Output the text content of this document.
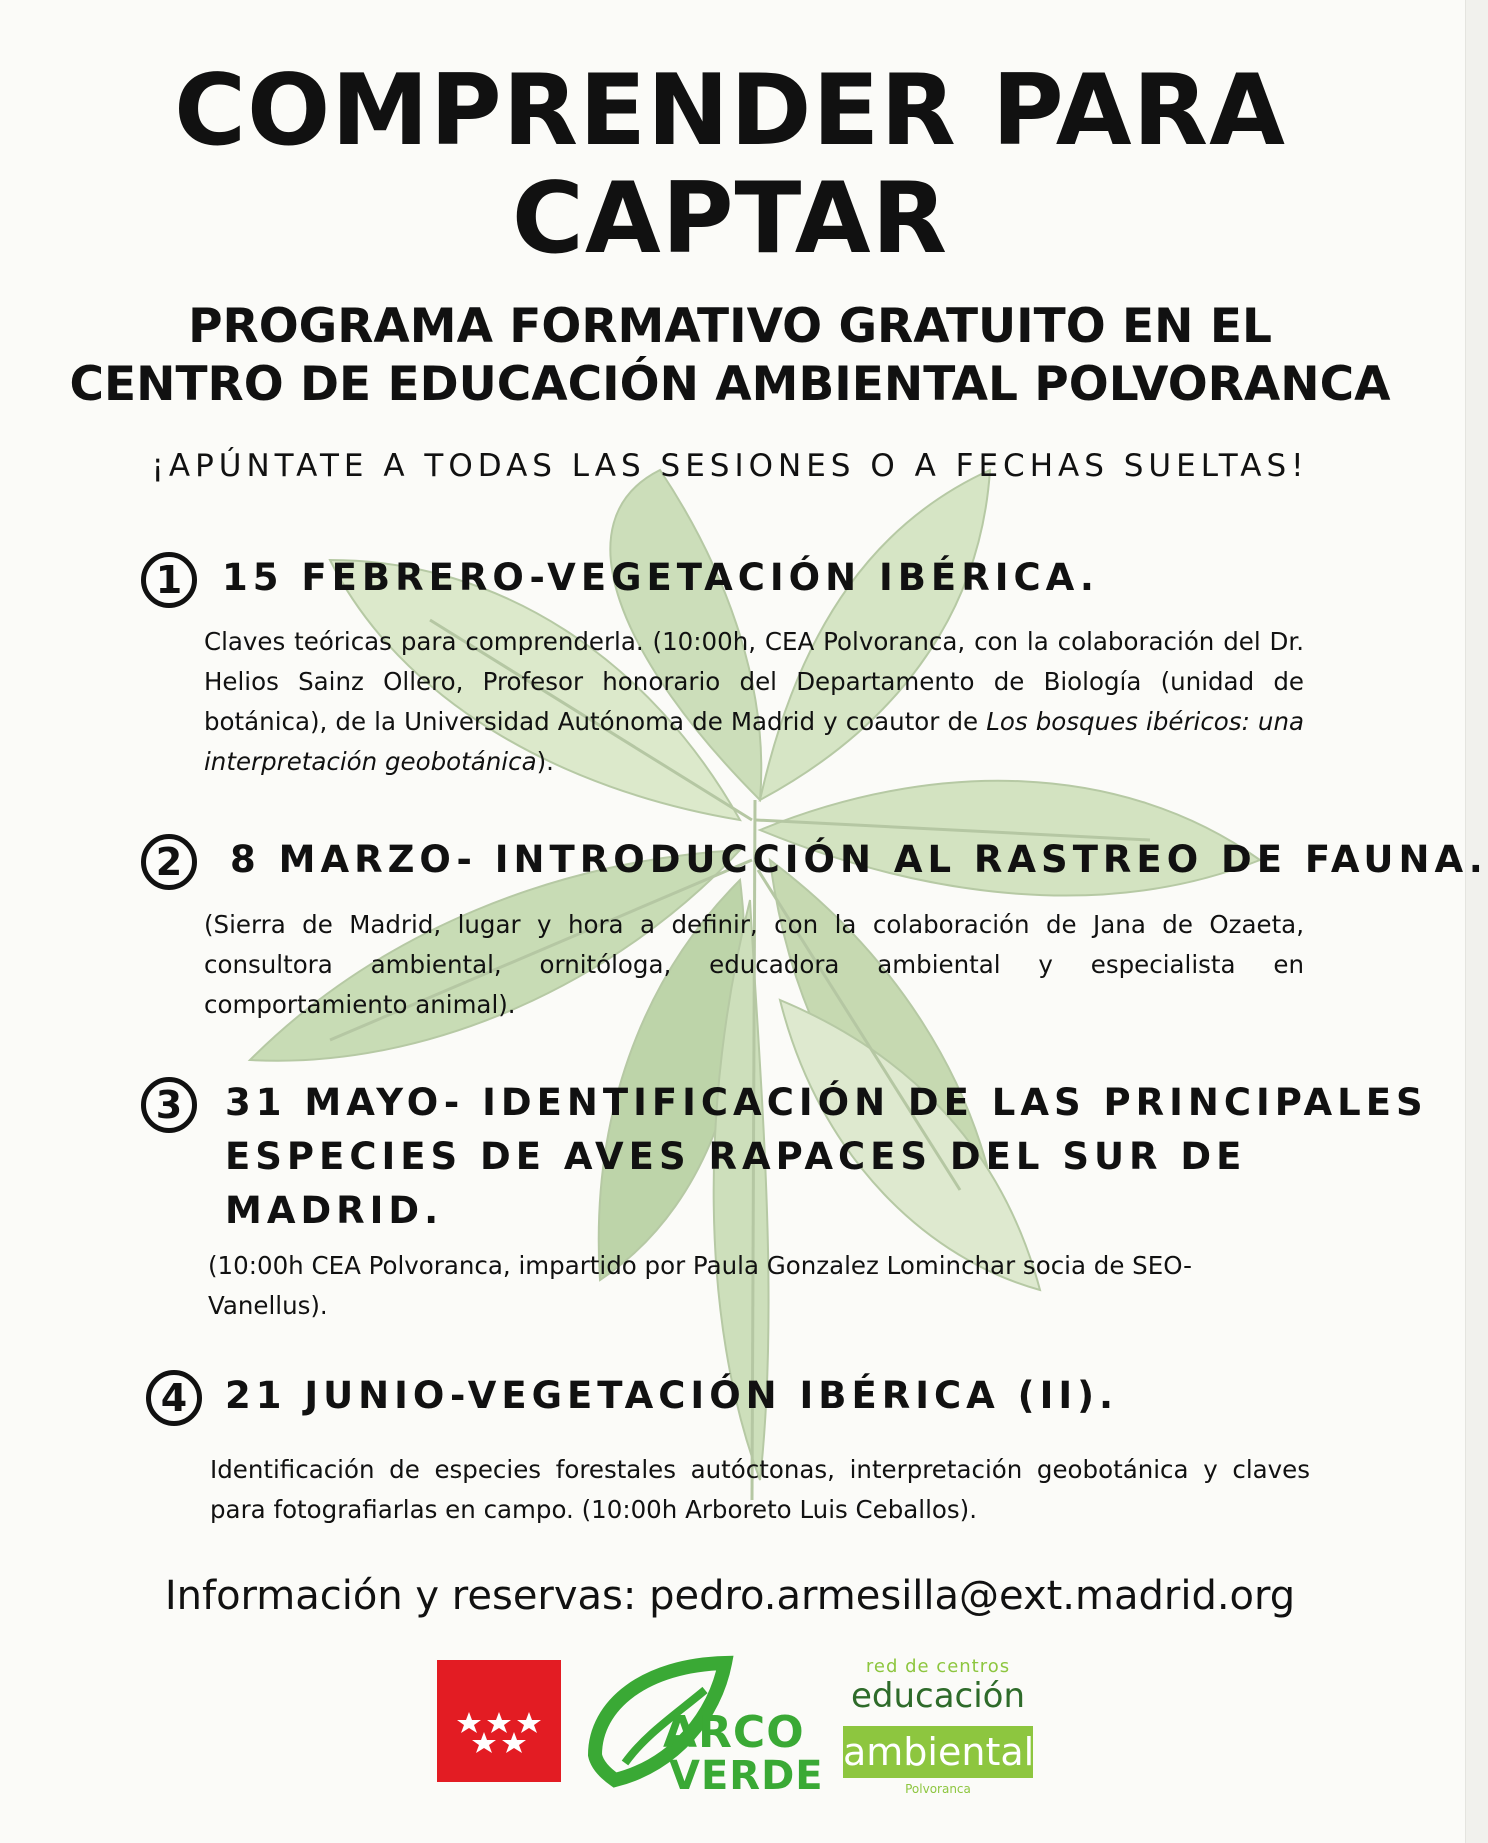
COMPRENDER PARA
CAPTAR
PROGRAMA FORMATIVO GRATUITO EN EL
CENTRO DE EDUCACIÓN AMBIENTAL POLVORANCA
¡APÚNTATE A TODAS LAS SESIONES O A FECHAS SUELTAS!
1	15 FEBRERO-VEGETACIÓN IBÉRICA.

Claves teóricas para comprenderla. (10:00h, CEA Polvoranca, con la colaboración del Dr. Helios Sainz Ollero, Profesor honorario del Departamento de Biología (unidad de botánica), de la Universidad Autónoma de Madrid y coautor de Los bosques ibéricos: una interpretación geobotánica).

2	8 MARZO- INTRODUCCIÓN AL RASTREO DE FAUNA.

(Sierra de Madrid, lugar y hora a definir, con la colaboración de Jana de Ozaeta, consultora ambiental, ornitóloga, educadora ambiental y especialista en comportamiento animal).

3	31 MAYO- IDENTIFICACIÓN DE LAS PRINCIPALES
ESPECIES DE AVES RAPACES DEL SUR DE
MADRID.

(10:00h CEA Polvoranca, impartido por Paula Gonzalez Lominchar socia de SEO-Vanellus).

4	21 JUNIO-VEGETACIÓN IBÉRICA (II).

Identificación de especies forestales autóctonas, interpretación geobotánica y claves para fotografiarlas en campo. (10:00h Arboreto Luis Ceballos).

Información y reservas: pedro.armesilla@ext.madrid.org
ARCO
VERDE
red de centros
educación
ambiental
Polvoranca
